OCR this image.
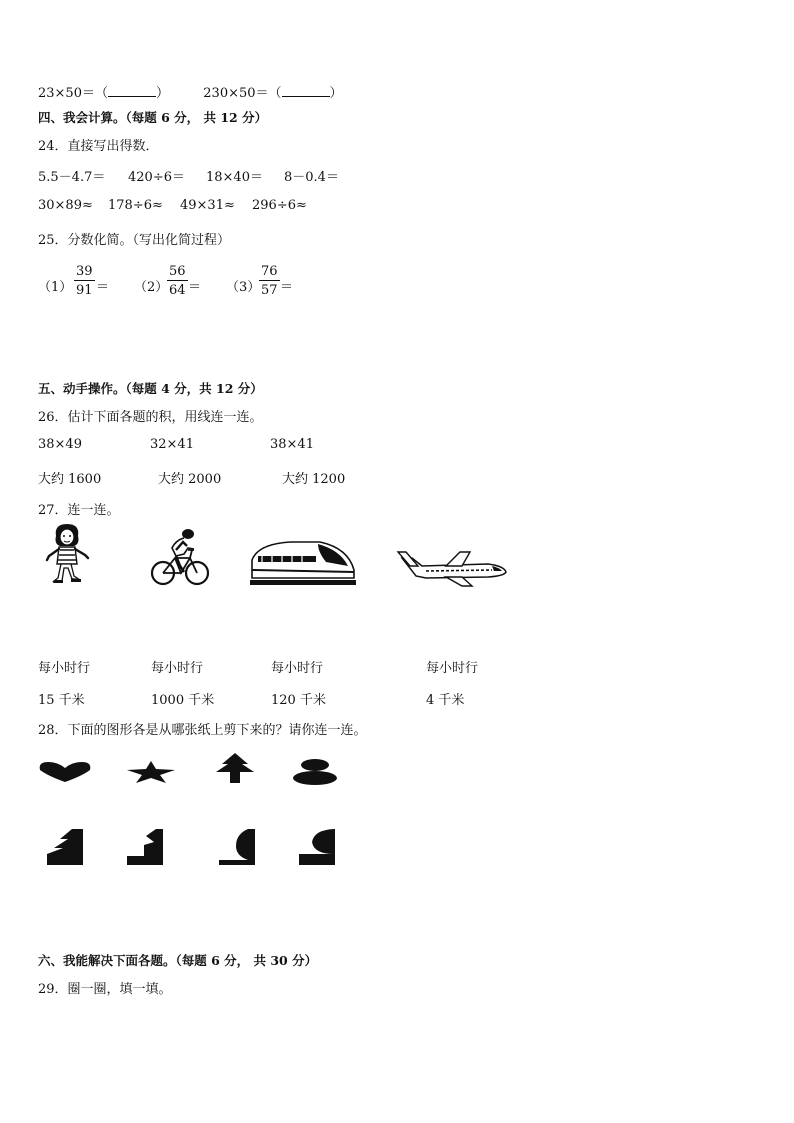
23×50＝（	）	230×50＝（	）
四、我会计算。（每题 6 分， 共 12 分）
24．直接写出得数．
5.5－4.7＝ 420÷6＝ 18×40＝ 8－0.4＝
30×89≈ 178÷6≈ 49×31≈ 296÷6≈
25．分数化简。（写出化简过程）
$(1) \frac{39}{91} = (2)$
$\frac{56}{64} = (3)$
$\frac{76}{57}$ ＝
五、动手操作。（每题 4 分，共 12 分）
26．估计下面各题的积，用线连一连。
38×49	32×41	38×41
大约 1600	大约 2000	大约 1200
27．连一连。
每小时行	每小时行	每小时行	每小时行
15 千米	1000 千米	120 千米	4 千米
28．下面的图形各是从哪张纸上剪下来的？请你连一连。
六、我能解决下面各题。（每题 6 分， 共 30 分）
29．圈一圈，填一填。
